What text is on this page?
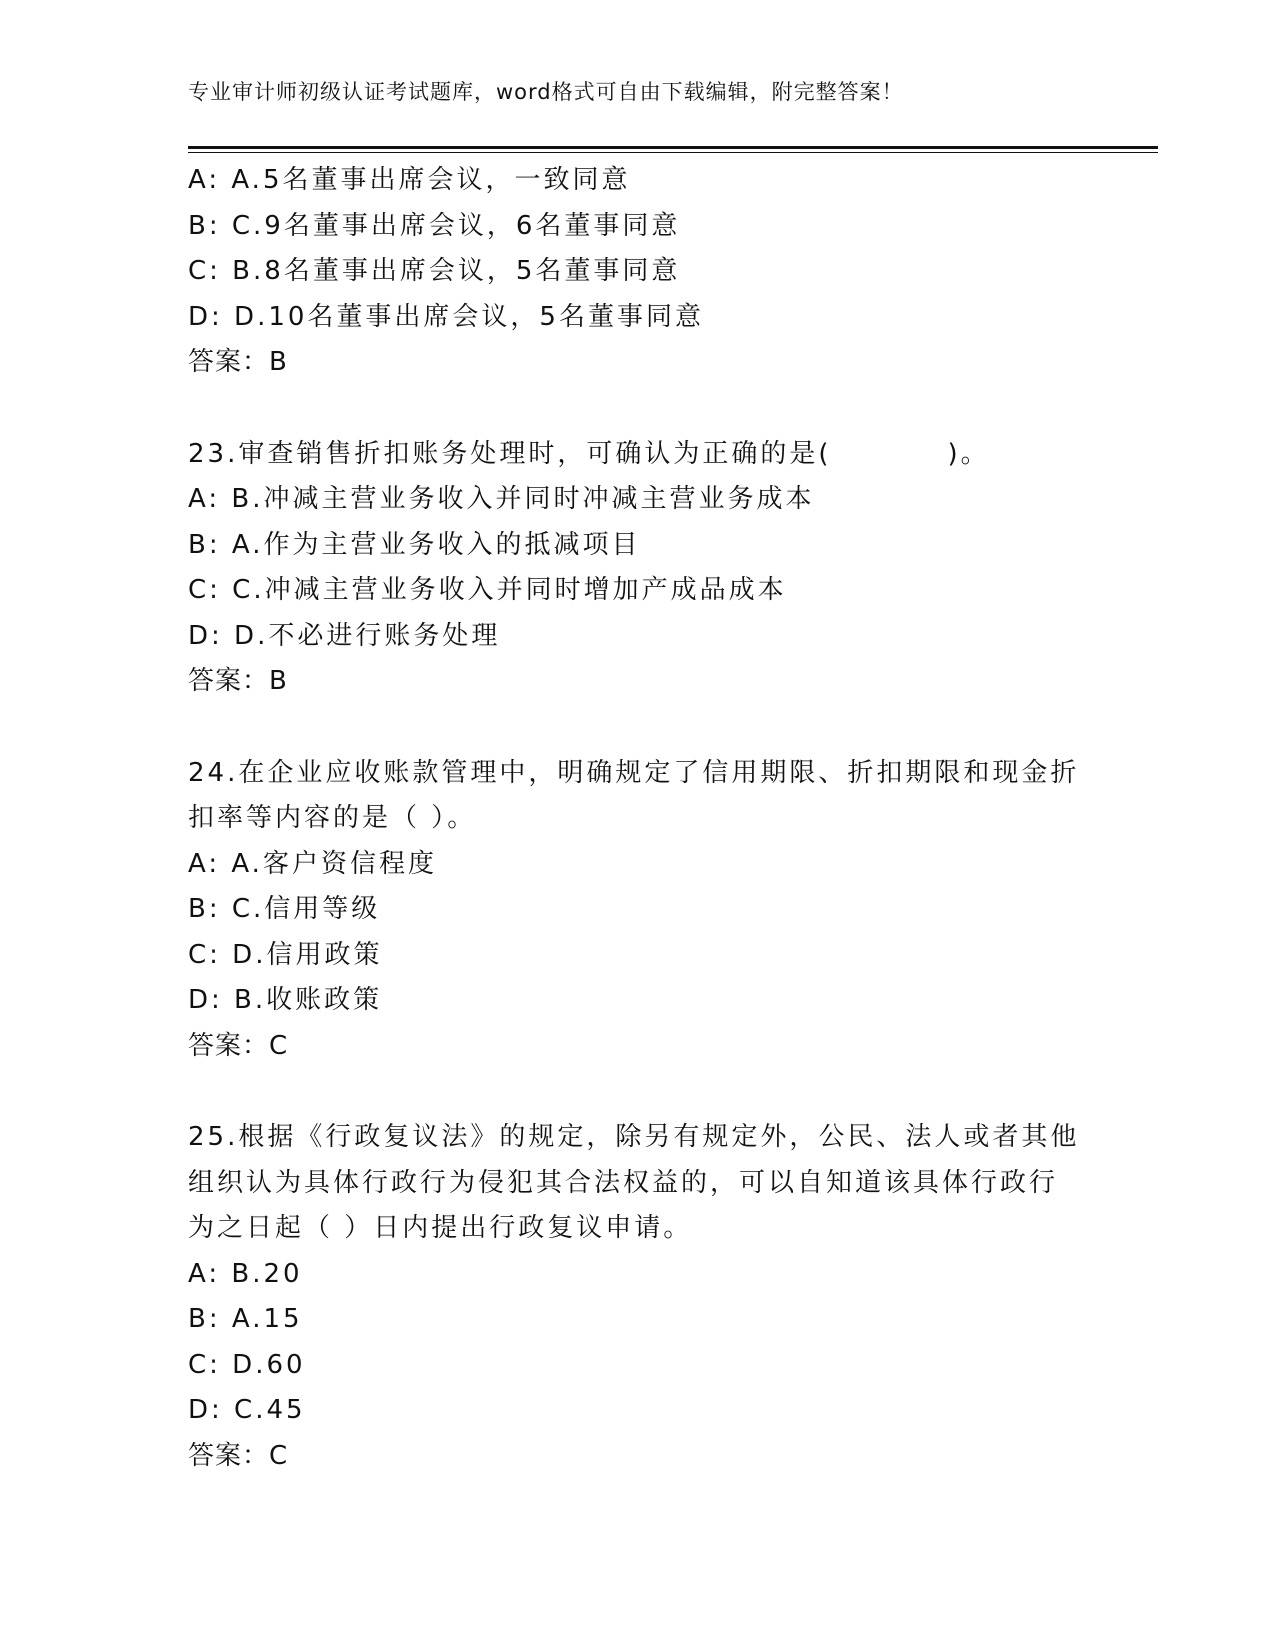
专业审计师初级认证考试题库，word格式可自由下载编辑，附完整答案！
A: A.5名董事出席会议，一致同意
B: C.9名董事出席会议，6名董事同意
C: B.8名董事出席会议，5名董事同意
D: D.10名董事出席会议，5名董事同意
答案：B
23.审查销售折扣账务处理时，可确认为正确的是(　　　　)。
A: B.冲减主营业务收入并同时冲减主营业务成本
B: A.作为主营业务收入的抵减项目
C: C.冲减主营业务收入并同时增加产成品成本
D: D.不必进行账务处理
答案：B
24.在企业应收账款管理中，明确规定了信用期限、折扣期限和现金折
扣率等内容的是（ ）。
A: A.客户资信程度
B: C.信用等级
C: D.信用政策
D: B.收账政策
答案：C
25.根据《行政复议法》的规定，除另有规定外，公民、法人或者其他
组织认为具体行政行为侵犯其合法权益的，可以自知道该具体行政行
为之日起（ ）日内提出行政复议申请。
A: B.20
B: A.15
C: D.60
D: C.45
答案：C
